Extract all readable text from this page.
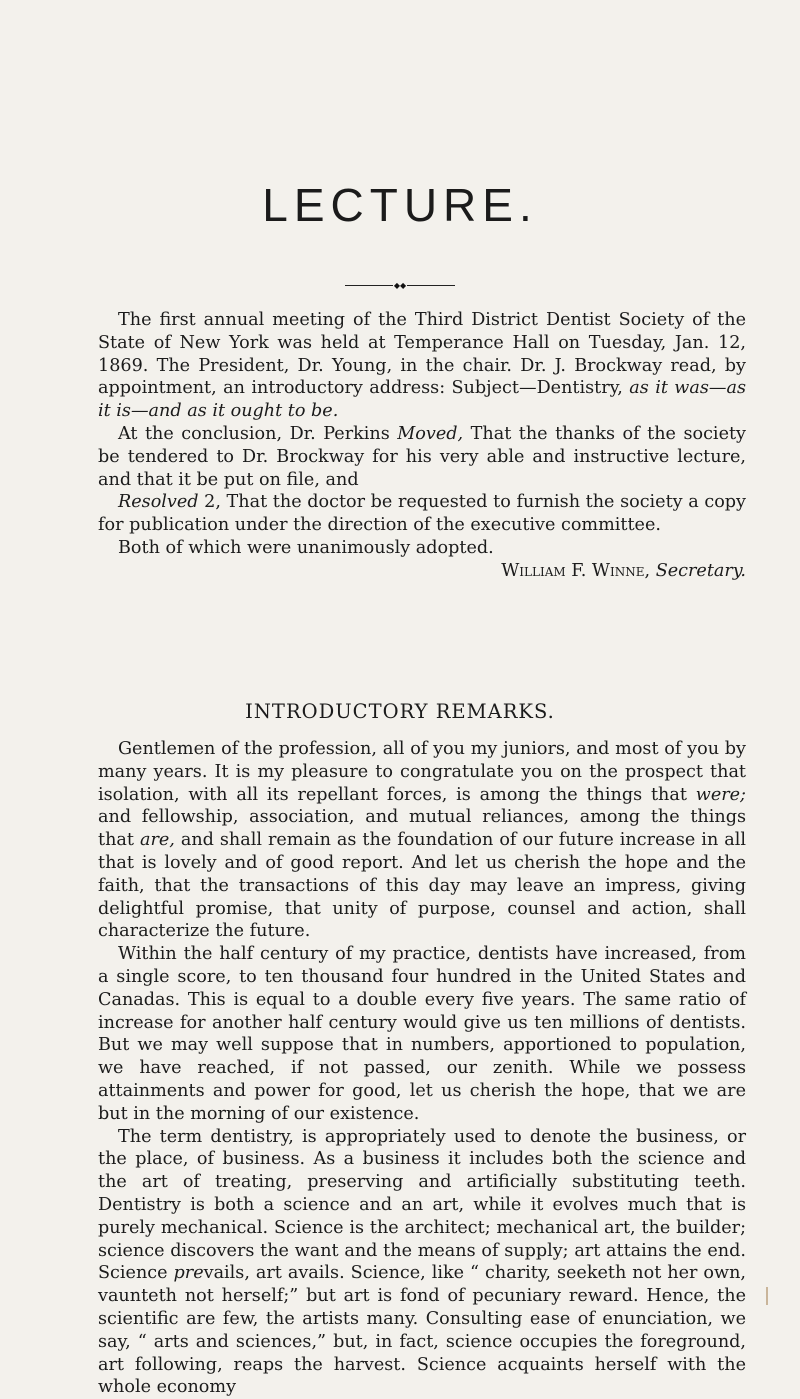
LECTURE.
◆◆

The first annual meeting of the Third District Dentist Society of the State of New York was held at Temperance Hall on Tuesday, Jan. 12, 1869. The President, Dr. Young, in the chair. Dr. J. Brockway read, by appointment, an introductory address: Subject—Dentistry, as it was—as it is—and as it ought to be.

At the conclusion, Dr. Perkins Moved, That the thanks of the society be tendered to Dr. Brockway for his very able and instructive lecture, and that it be put on file, and

Resolved 2, That the doctor be requested to furnish the society a copy for publication under the direction of the executive committee.

Both of which were unanimously adopted.

William F. Winne, Secretary.

INTRODUCTORY REMARKS.

Gentlemen of the profession, all of you my juniors, and most of you by many years. It is my pleasure to congratulate you on the prospect that isolation, with all its repellant forces, is among the things that were; and fellowship, association, and mutual reliances, among the things that are, and shall remain as the foundation of our future increase in all that is lovely and of good report. And let us cherish the hope and the faith, that the transactions of this day may leave an impress, giving delightful promise, that unity of purpose, counsel and action, shall characterize the future.

Within the half century of my practice, dentists have increased, from a single score, to ten thousand four hundred in the United States and Canadas. This is equal to a double every five years. The same ratio of increase for another half century would give us ten millions of dentists. But we may well suppose that in numbers, apportioned to population, we have reached, if not passed, our zenith. While we possess attainments and power for good, let us cherish the hope, that we are but in the morning of our existence.

The term dentistry, is appropriately used to denote the business, or the place, of business. As a business it includes both the science and the art of treating, preserving and artificially substituting teeth. Dentistry is both a science and an art, while it evolves much that is purely mechanical. Science is the architect; mechanical art, the builder; science discovers the want and the means of supply; art attains the end. Science prevails, art avails. Science, like “ charity, seeketh not her own, vaunteth not herself;” but art is fond of pecuniary reward. Hence, the scientific are few, the artists many. Consulting ease of enunciation, we say, “ arts and sciences,” but, in fact, science occupies the foreground, art following, reaps the harvest. Science acquaints herself with the whole economy
